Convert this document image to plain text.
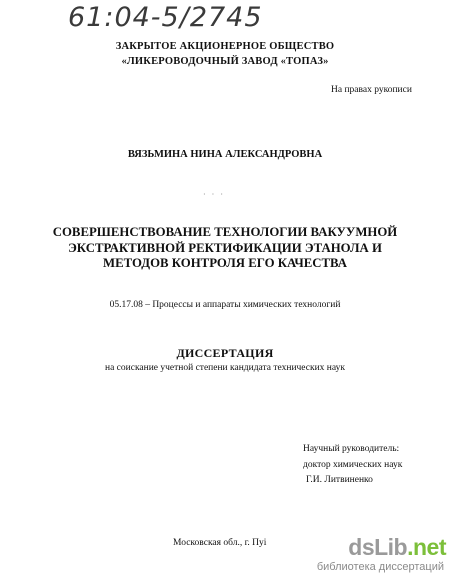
61:04-5/2745
ЗАКРЫТОЕ АКЦИОНЕРНОЕ ОБЩЕСТВО
«ЛИКЕРОВОДОЧНЫЙ ЗАВОД «ТОПАЗ»
На правах рукописи
ВЯЗЬМИНА НИНА АЛЕКСАНДРОВНА
· · ·
СОВЕРШЕНСТВОВАНИЕ ТЕХНОЛОГИИ ВАКУУМНОЙ
ЭКСТРАКТИВНОЙ РЕКТИФИКАЦИИ ЭТАНОЛА И
МЕТОДОВ КОНТРОЛЯ ЕГО КАЧЕСТВА
05.17.08 – Процессы и аппараты химических технологий
ДИССЕРТАЦИЯ
на соискание учетной степени кандидата технических наук
Научный руководитель:
доктор химических наук
Г.И. Литвиненко
Московская обл., г. Пуі	dsLib.net
библиотека диссертаций
